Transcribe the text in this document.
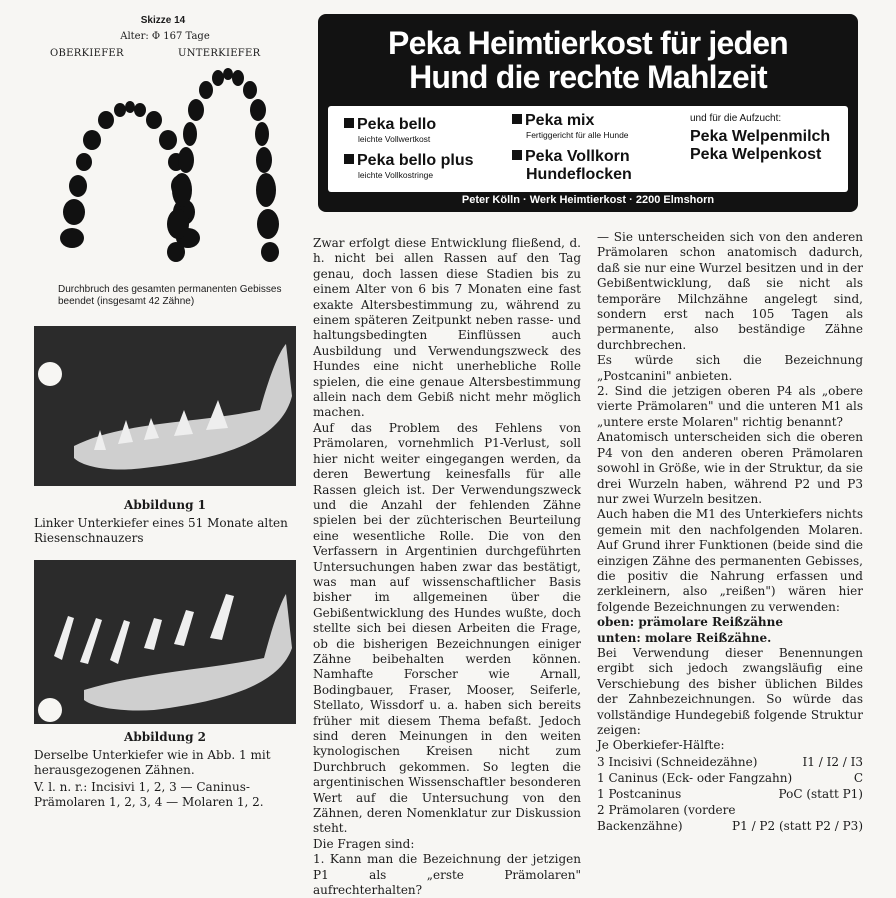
Skizze 14
Alter: Φ 167 Tage
OBERKIEFER	UNTERKIEFER
Durchbruch des gesamten permanenten Gebisses beendet (insgesamt 42 Zähne)
Abbildung 1
Linker Unterkiefer eines 51 Monate alten Riesenschnauzers
Abbildung 2
Derselbe Unterkiefer wie in Abb. 1 mit herausgezogenen Zähnen.
V. l. n. r.: Incisivi 1, 2, 3 — Caninus-Prämolaren 1, 2, 3, 4 — Molaren 1, 2.
Peka Heimtierkost für jeden
Hund die rechte Mahlzeit
Peka bello
leichte Vollwertkost
Peka bello plus
leichte Vollkostringe
Peka mix
Fertiggericht für alle Hunde
Peka Vollkorn
Hundeflocken
und für die Aufzucht:
Peka Welpenmilch
Peka Welpenkost
Peter Kölln · Werk Heimtierkost · 2200 Elmshorn

Zwar erfolgt diese Entwicklung fließend, d. h. nicht bei allen Rassen auf den Tag genau, doch lassen diese Stadien bis zu einem Alter von 6 bis 7 Monaten eine fast exakte Altersbestimmung zu, während zu einem späteren Zeitpunkt neben rasse- und haltungsbedingten Einflüssen auch Ausbildung und Verwendungszweck des Hundes eine nicht unerhebliche Rolle spielen, die eine genaue Altersbestimmung allein nach dem Gebiß nicht mehr möglich machen.

Auf das Problem des Fehlens von Prämolaren, vornehmlich P1-Verlust, soll hier nicht weiter eingegangen werden, da deren Bewertung keinesfalls für alle Rassen gleich ist. Der Verwendungszweck und die Anzahl der fehlenden Zähne spielen bei der züchterischen Beurteilung eine wesentliche Rolle. Die von den Verfassern in Argentinien durchgeführten Untersuchungen haben zwar das bestätigt, was man auf wissenschaftlicher Basis bisher im allgemeinen über die Gebißentwicklung des Hundes wußte, doch stellte sich bei diesen Arbeiten die Frage, ob die bisherigen Bezeichnungen einiger Zähne beibehalten werden können. Namhafte Forscher wie Arnall, Bodingbauer, Fraser, Mooser, Seiferle, Stellato, Wissdorf u. a. haben sich bereits früher mit diesem Thema befaßt. Jedoch sind deren Meinungen in den weiten kynologischen Kreisen nicht zum Durchbruch gekommen. So legten die argentinischen Wissenschaftler besonderen Wert auf die Untersuchung von den Zähnen, deren Nomenklatur zur Diskussion steht.

Die Fragen sind:

1. Kann man die Bezeichnung der jetzigen P1 als „erste Prämolaren" aufrechterhalten?

— Sie unterscheiden sich von den anderen Prämolaren schon anatomisch dadurch, daß sie nur eine Wurzel besitzen und in der Gebißentwicklung, daß sie nicht als temporäre Milchzähne angelegt sind, sondern erst nach 105 Tagen als permanente, also beständige Zähne durchbrechen.

Es würde sich die Bezeichnung „Postcanini" anbieten.

2. Sind die jetzigen oberen P4 als „obere vierte Prämolaren" und die unteren M1 als „untere erste Molaren" richtig benannt?

Anatomisch unterscheiden sich die oberen P4 von den anderen oberen Prämolaren sowohl in Größe, wie in der Struktur, da sie drei Wurzeln haben, während P2 und P3 nur zwei Wurzeln besitzen.

Auch haben die M1 des Unterkiefers nichts gemein mit den nachfolgenden Molaren. Auf Grund ihrer Funktionen (beide sind die einzigen Zähne des permanenten Gebisses, die positiv die Nahrung erfassen und zerkleinern, also „reißen") wären hier folgende Bezeichnungen zu verwenden:

oben: prämolare Reißzähne

unten: molare Reißzähne.

Bei Verwendung dieser Benennungen ergibt sich jedoch zwangsläufig eine Verschiebung des bisher üblichen Bildes der Zahnbezeichnungen. So würde das vollständige Hundegebiß folgende Struktur zeigen:

Je Oberkiefer-Hälfte:

3 Incisivi (Schneidezähne)	I1 / I2 / I3
1 Caninus (Eck- oder Fangzahn)	C
1 Postcaninus	PoC (statt P1)
2 Prämolaren (vordere
Backenzähne)	P1 / P2 (statt P2 / P3)
